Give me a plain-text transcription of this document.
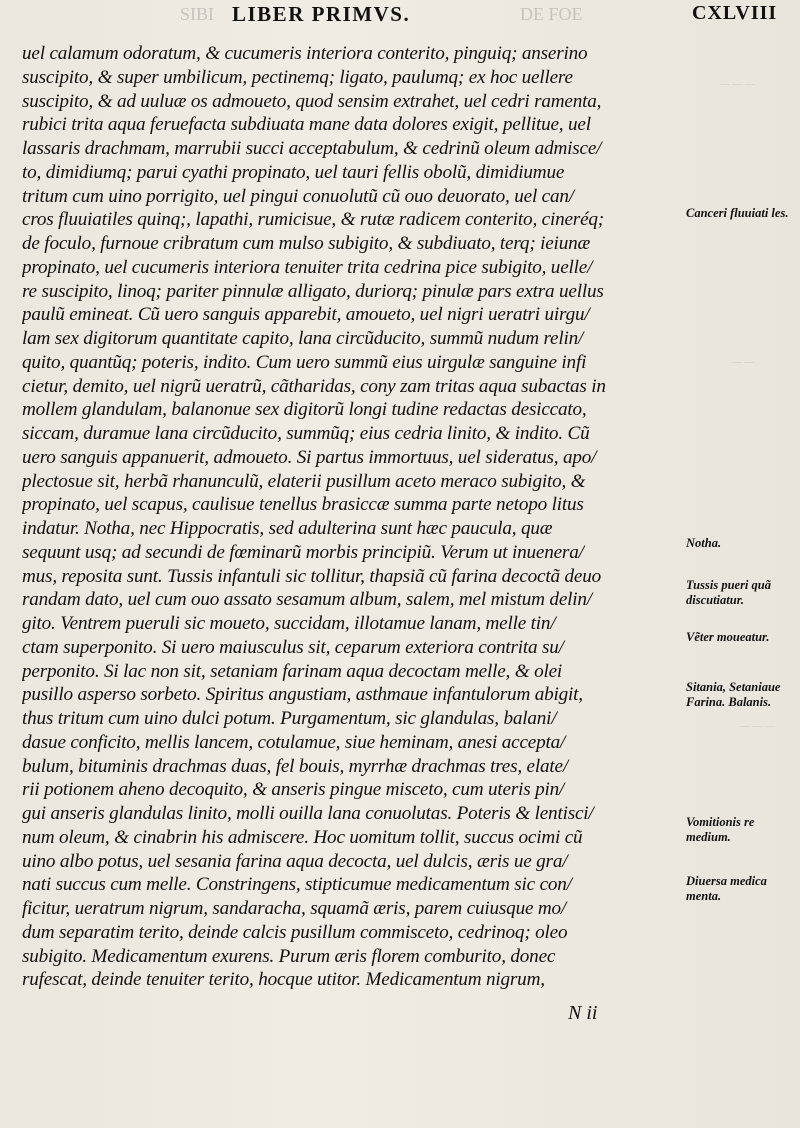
SIBI	DE FOE
— — —
— —
— — —
LIBER PRIMVS.	CXLVIII
uel calamum odoratum, & cucumeris interiora conterito, pinguiq; anserino
suscipito, & super umbilicum, pectinemq; ligato, paulumq; ex hoc uellere
suscipito, & ad uuluæ os admoueto, quod sensim extrahet, uel cedri ramenta,
rubici trita aqua feruefacta subdiuata mane data dolores exigit, pellitue, uel
lassaris drachmam, marrubii succi acceptabulum, & cedrinũ oleum admisce/
to, dimidiumq; parui cyathi propinato, uel tauri fellis obolũ, dimidiumue
tritum cum uino porrigito, uel pingui conuolutũ cũ ouo deuorato, uel can/
cros fluuiatiles quinq;, lapathi, rumicisue, & rutæ radicem conterito, cineréq;
de foculo, furnoue cribratum cum mulso subigito, & subdiuato, terq; ieiunæ
propinato, uel cucumeris interiora tenuiter trita cedrina pice subigito, uelle/
re suscipito, linoq; pariter pinnulæ alligato, duriorq; pinulæ pars extra uellus
paulũ emineat. Cũ uero sanguis apparebit, amoueto, uel nigri ueratri uirgu/
lam sex digitorum quantitate capito, lana circũducito, summũ nudum relin/
quito, quantũq; poteris, indito. Cum uero summũ eius uirgulæ sanguine infi
cietur, demito, uel nigrũ ueratrũ, cãtharidas, cony zam tritas aqua subactas in
mollem glandulam, balanonue sex digitorũ longi tudine redactas desiccato,
siccam, duramue lana circũducito, summũq; eius cedria linito, & indito. Cũ
uero sanguis appanuerit, admoueto. Si partus immortuus, uel sideratus, apo/
plectosue sit, herbã rhanunculũ, elaterii pusillum aceto meraco subigito, &
propinato, uel scapus, caulisue tenellus brasiccæ summa parte netopo litus
indatur. Notha, nec Hippocratis, sed adulterina sunt hæc paucula, quæ
sequunt usq; ad secundi de fœminarũ morbis principiũ. Verum ut inuenera/
mus, reposita sunt. Tussis infantuli sic tollitur, thapsiã cũ farina decoctã deuo
randam dato, uel cum ouo assato sesamum album, salem, mel mistum delin/
gito. Ventrem pueruli sic moueto, succidam, illotamue lanam, melle tin/
ctam superponito. Si uero maiusculus sit, ceparum exteriora contrita su/
perponito. Si lac non sit, setaniam farinam aqua decoctam melle, & olei
pusillo asperso sorbeto. Spiritus angustiam, asthmaue infantulorum abigit,
thus tritum cum uino dulci potum. Purgamentum, sic glandulas, balani/
dasue conficito, mellis lancem, cotulamue, siue heminam, anesi accepta/
bulum, bituminis drachmas duas, fel bouis, myrrhæ drachmas tres, elate/
rii potionem aheno decoquito, & anseris pingue misceto, cum uteris pin/
gui anseris glandulas linito, molli ouilla lana conuolutas. Poteris & lentisci/
num oleum, & cinabrin his admiscere. Hoc uomitum tollit, succus ocimi cũ
uino albo potus, uel sesania farina aqua decocta, uel dulcis, æris ue gra/
nati succus cum melle. Constringens, stipticumue medicamentum sic con/
ficitur, ueratrum nigrum, sandaracha, squamã æris, parem cuiusque mo/
dum separatim terito, deinde calcis pusillum commisceto, cedrinoq; oleo
subigito. Medicamentum exurens. Purum æris florem comburito, donec
rufescat, deinde tenuiter terito, hocque utitor. Medicamentum nigrum,
N ii
Canceri fluuiati les.
Notha.
Tussis pueri quã discutiatur.
Vẽter moueatur.
Sitania, Setaniaue Farina. Balanis.
Vomitionis re medium.
Diuersa medica menta.
